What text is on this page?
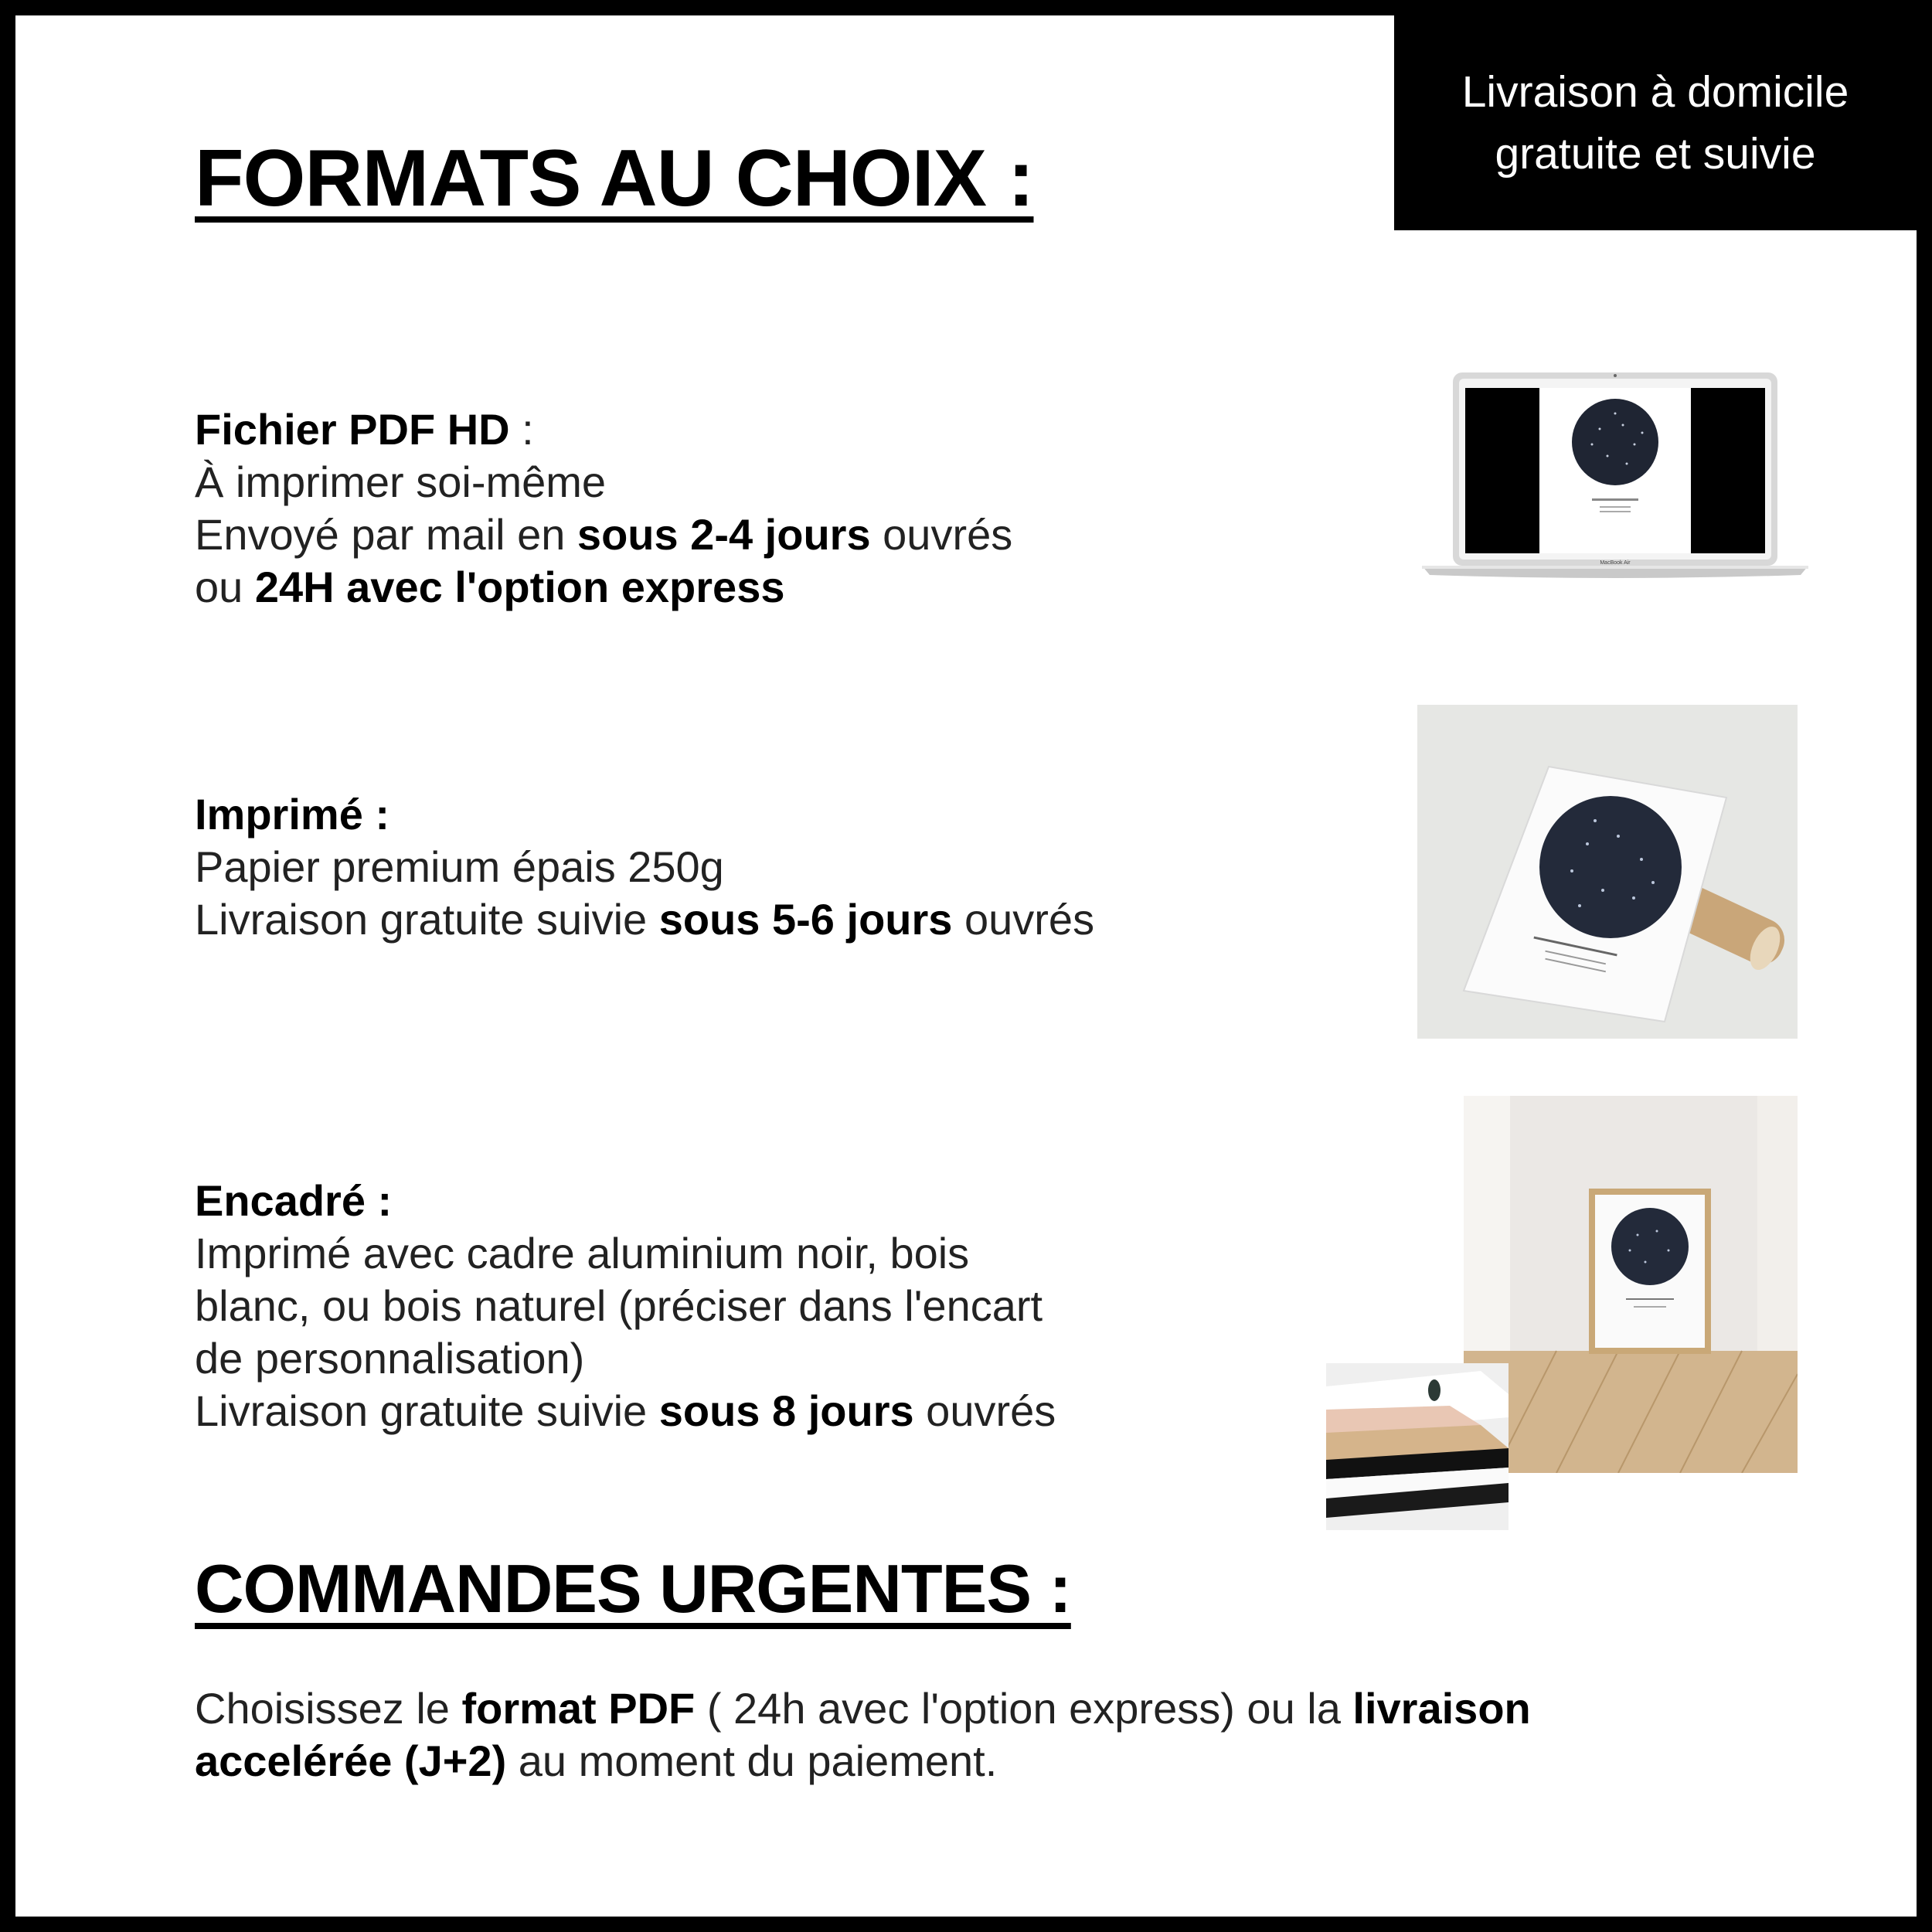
Livraison à domicile
gratuite et suivie
FORMATS AU CHOIX :
Fichier PDF HD :
À imprimer soi-même
Envoyé par mail en sous 2-4 jours ouvrés
ou 24H avec l'option express
Imprimé :
Papier premium épais 250g
Livraison gratuite suivie sous 5-6 jours ouvrés
Encadré :
Imprimé avec cadre aluminium noir, bois
blanc, ou bois naturel (préciser dans l'encart
de personnalisation)
Livraison gratuite suivie sous 8 jours ouvrés
COMMANDES URGENTES :
Choisissez le format PDF ( 24h avec l'option express) ou la livraison
accelérée (J+2) au moment du paiement.
MacBook Air
